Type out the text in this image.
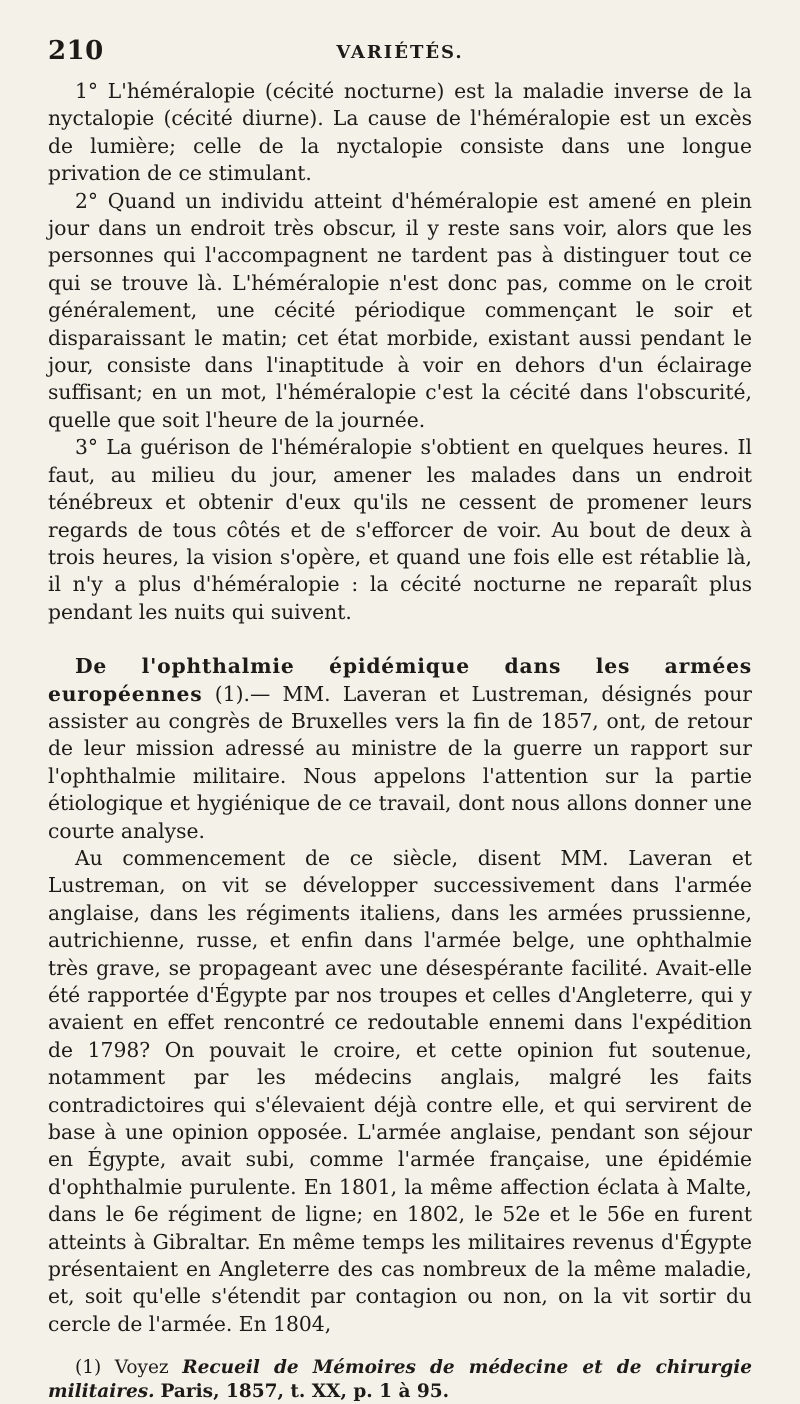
210	VARIÉTÉS.

1° L'héméralopie (cécité nocturne) est la maladie inverse de la nyctalopie (cécité diurne). La cause de l'héméralopie est un excès de lumière; celle de la nyctalopie consiste dans une longue privation de ce stimulant.

2° Quand un individu atteint d'héméralopie est amené en plein jour dans un endroit très obscur, il y reste sans voir, alors que les personnes qui l'accompagnent ne tardent pas à distinguer tout ce qui se trouve là. L'héméralopie n'est donc pas, comme on le croit généralement, une cécité périodique commençant le soir et disparaissant le matin; cet état morbide, existant aussi pendant le jour, consiste dans l'inaptitude à voir en dehors d'un éclairage suffisant; en un mot, l'héméralopie c'est la cécité dans l'obscurité, quelle que soit l'heure de la journée.

3° La guérison de l'héméralopie s'obtient en quelques heures. Il faut, au milieu du jour, amener les malades dans un endroit ténébreux et obtenir d'eux qu'ils ne cessent de promener leurs regards de tous côtés et de s'efforcer de voir. Au bout de deux à trois heures, la vision s'opère, et quand une fois elle est rétablie là, il n'y a plus d'héméralopie : la cécité nocturne ne reparaît plus pendant les nuits qui suivent.

De l'ophthalmie épidémique dans les armées européennes (1).— MM. Laveran et Lustreman, désignés pour assister au congrès de Bruxelles vers la fin de 1857, ont, de retour de leur mission adressé au ministre de la guerre un rapport sur l'ophthalmie militaire. Nous appelons l'attention sur la partie étiologique et hygiénique de ce travail, dont nous allons donner une courte analyse.

Au commencement de ce siècle, disent MM. Laveran et Lustreman, on vit se développer successivement dans l'armée anglaise, dans les régiments italiens, dans les armées prussienne, autrichienne, russe, et enfin dans l'armée belge, une ophthalmie très grave, se propageant avec une désespérante facilité. Avait-elle été rapportée d'Égypte par nos troupes et celles d'Angleterre, qui y avaient en effet rencontré ce redoutable ennemi dans l'expédition de 1798? On pouvait le croire, et cette opinion fut soutenue, notamment par les médecins anglais, malgré les faits contradictoires qui s'élevaient déjà contre elle, et qui servirent de base à une opinion opposée. L'armée anglaise, pendant son séjour en Égypte, avait subi, comme l'armée française, une épidémie d'ophthalmie purulente. En 1801, la même affection éclata à Malte, dans le 6e régiment de ligne; en 1802, le 52e et le 56e en furent atteints à Gibraltar. En même temps les militaires revenus d'Égypte présentaient en Angleterre des cas nombreux de la même maladie, et, soit qu'elle s'étendit par contagion ou non, on la vit sortir du cercle de l'armée. En 1804,

(1) Voyez Recueil de Mémoires de médecine et de chirurgie militaires. Paris, 1857, t. XX, p. 1 à 95.
